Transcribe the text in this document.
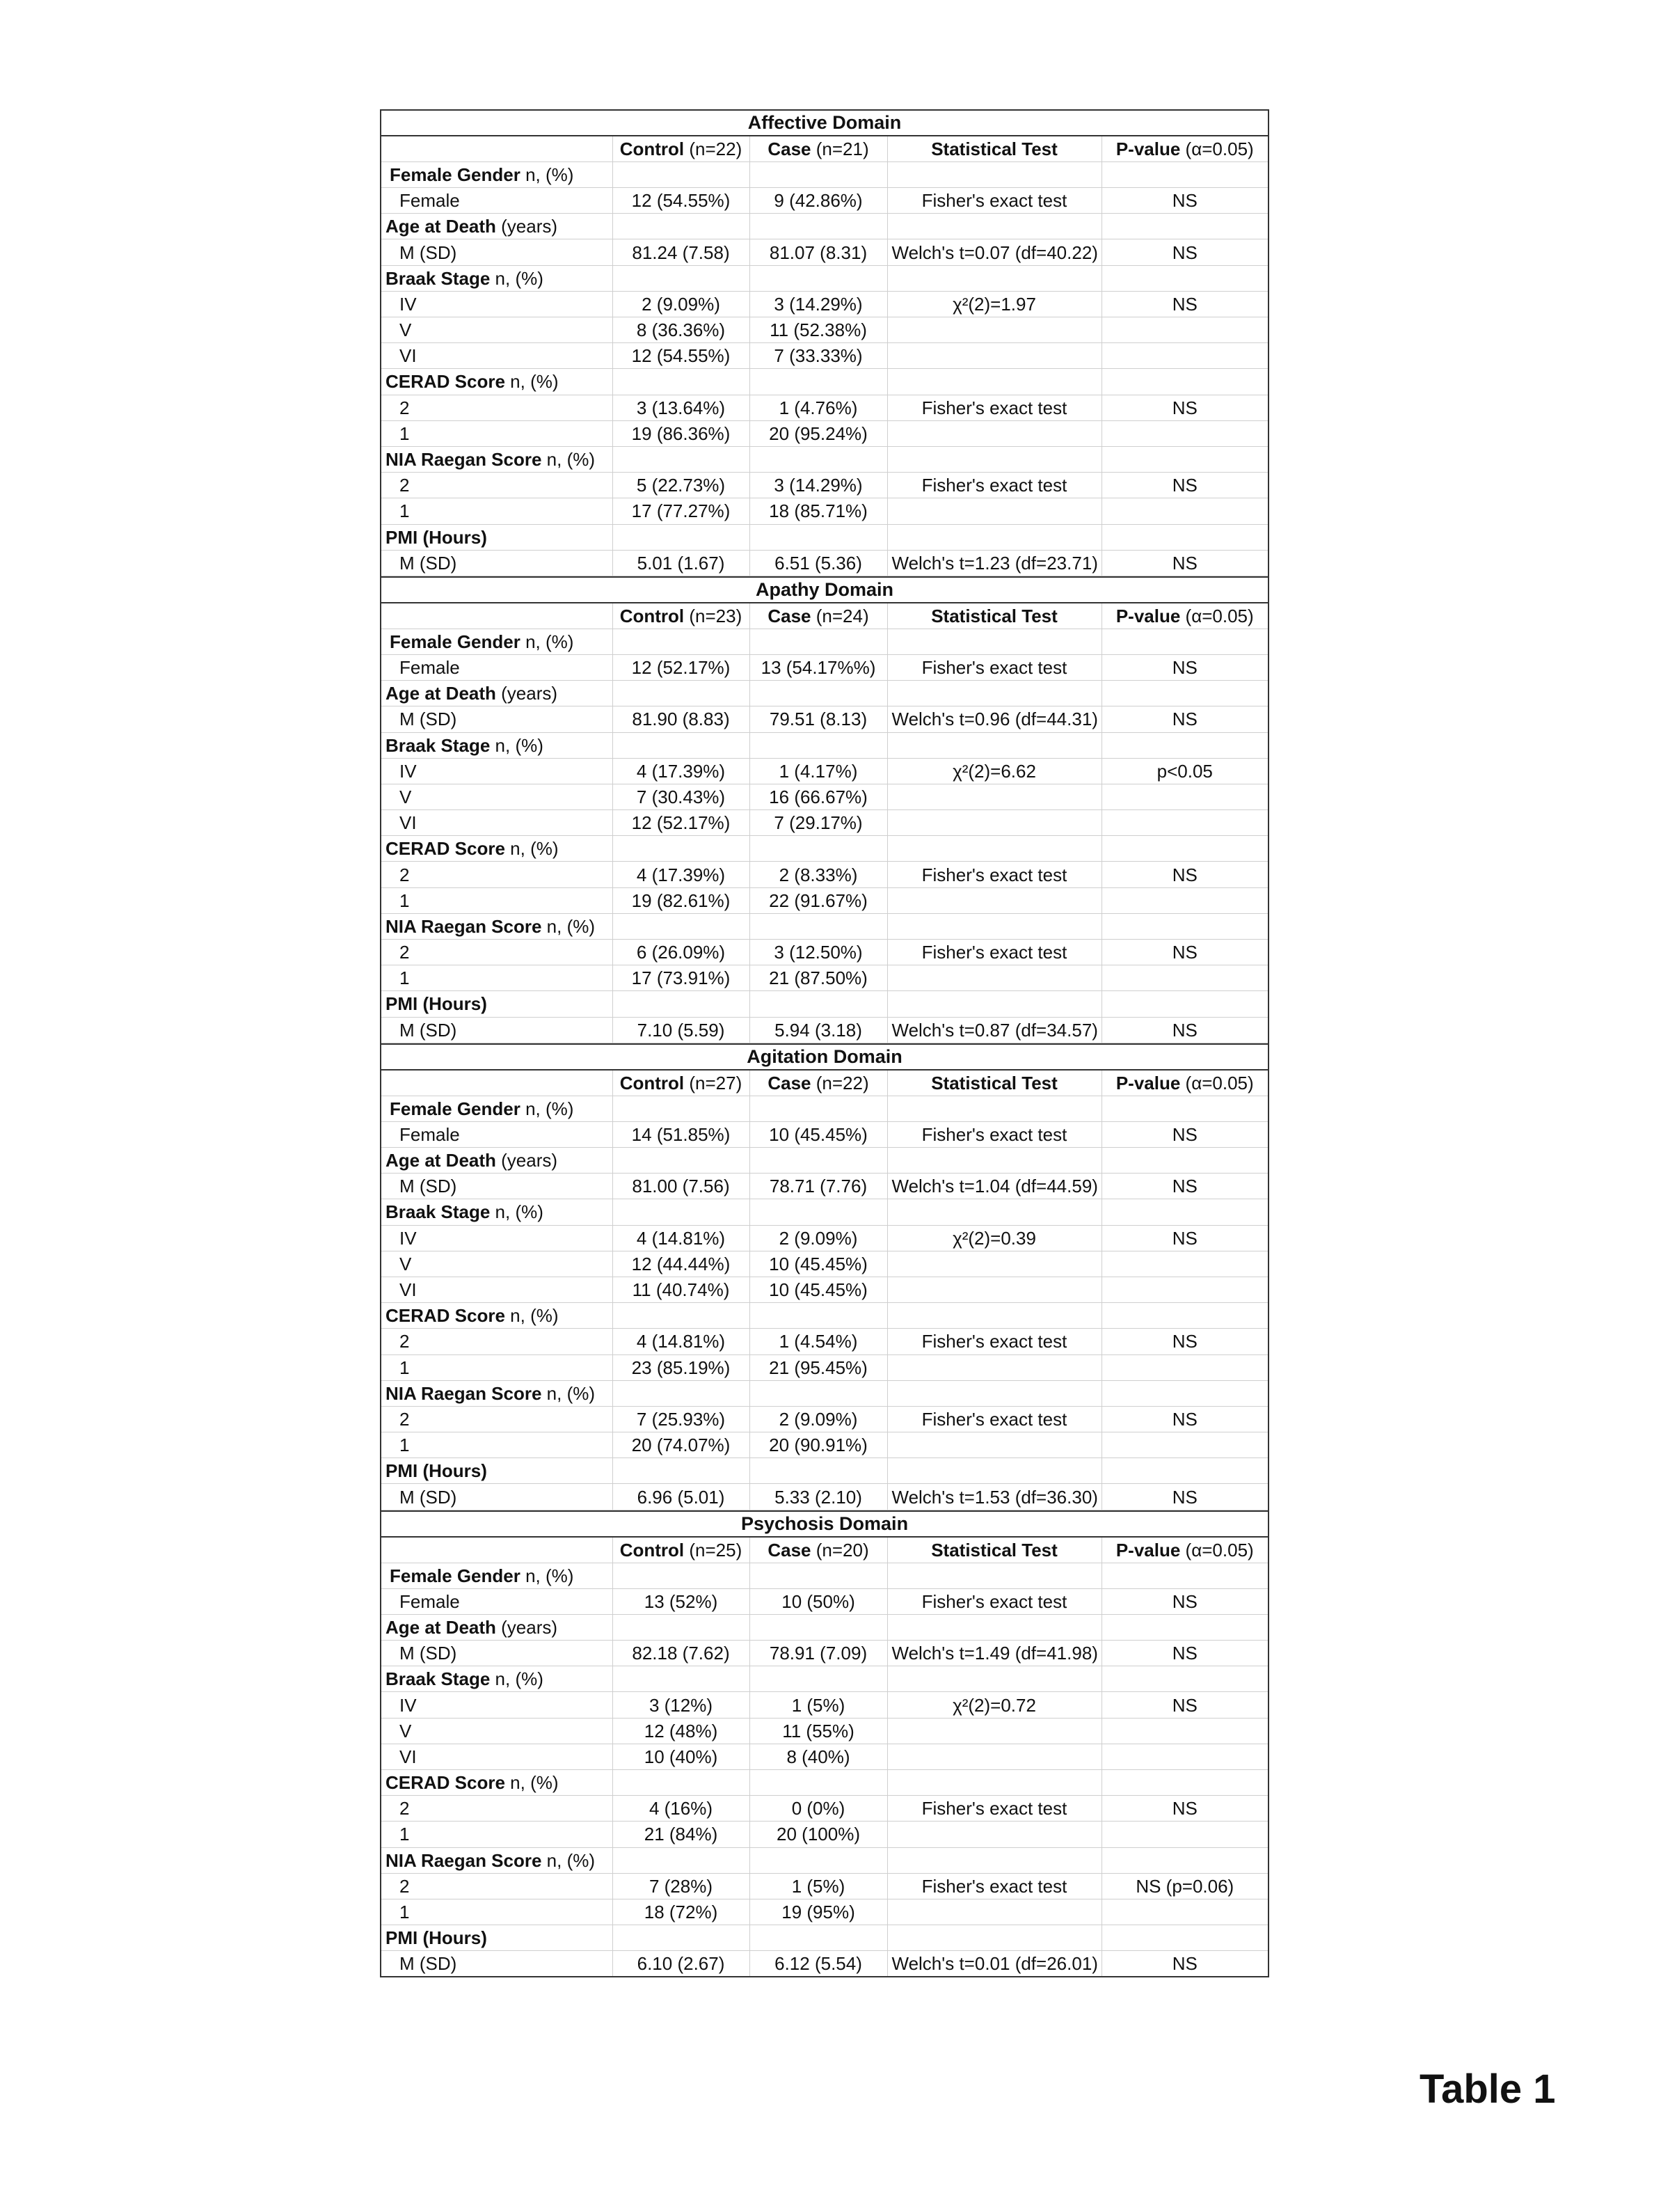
Affective Domain				
	Control (n=22)	Case (n=21)	Statistical Test	P-value (α=0.05)
Female Gender n, (%)				
Female	12 (54.55%)	9 (42.86%)	Fisher's exact test	NS
Age at Death (years)				
M (SD)	81.24 (7.58)	81.07 (8.31)	Welch's t=0.07 (df=40.22)	NS
Braak Stage n, (%)				
IV	2 (9.09%)	3 (14.29%)	χ²(2)=1.97	NS
V	8 (36.36%)	11 (52.38%)		
VI	12 (54.55%)	7 (33.33%)		
CERAD Score n, (%)				
2	3 (13.64%)	1 (4.76%)	Fisher's exact test	NS
1	19 (86.36%)	20 (95.24%)		
NIA Raegan Score n, (%)				
2	5 (22.73%)	3 (14.29%)	Fisher's exact test	NS
1	17 (77.27%)	18 (85.71%)		
PMI (Hours)				
M (SD)	5.01 (1.67)	6.51 (5.36)	Welch's t=1.23 (df=23.71)	NS
Apathy Domain				
	Control (n=23)	Case (n=24)	Statistical Test	P-value (α=0.05)
Female Gender n, (%)				
Female	12 (52.17%)	13 (54.17%%)	Fisher's exact test	NS
Age at Death (years)				
M (SD)	81.90 (8.83)	79.51 (8.13)	Welch's t=0.96 (df=44.31)	NS
Braak Stage n, (%)				
IV	4 (17.39%)	1 (4.17%)	χ²(2)=6.62	p<0.05
V	7 (30.43%)	16 (66.67%)		
VI	12 (52.17%)	7 (29.17%)		
CERAD Score n, (%)				
2	4 (17.39%)	2 (8.33%)	Fisher's exact test	NS
1	19 (82.61%)	22 (91.67%)		
NIA Raegan Score n, (%)				
2	6 (26.09%)	3 (12.50%)	Fisher's exact test	NS
1	17 (73.91%)	21 (87.50%)		
PMI (Hours)				
M (SD)	7.10 (5.59)	5.94 (3.18)	Welch's t=0.87 (df=34.57)	NS
Agitation Domain				
	Control (n=27)	Case (n=22)	Statistical Test	P-value (α=0.05)
Female Gender n, (%)				
Female	14 (51.85%)	10 (45.45%)	Fisher's exact test	NS
Age at Death (years)				
M (SD)	81.00 (7.56)	78.71 (7.76)	Welch's t=1.04 (df=44.59)	NS
Braak Stage n, (%)				
IV	4 (14.81%)	2 (9.09%)	χ²(2)=0.39	NS
V	12 (44.44%)	10 (45.45%)		
VI	11 (40.74%)	10 (45.45%)		
CERAD Score n, (%)				
2	4 (14.81%)	1 (4.54%)	Fisher's exact test	NS
1	23 (85.19%)	21 (95.45%)		
NIA Raegan Score n, (%)				
2	7 (25.93%)	2 (9.09%)	Fisher's exact test	NS
1	20 (74.07%)	20 (90.91%)		
PMI (Hours)				
M (SD)	6.96 (5.01)	5.33 (2.10)	Welch's t=1.53 (df=36.30)	NS
Psychosis Domain				
	Control (n=25)	Case (n=20)	Statistical Test	P-value (α=0.05)
Female Gender n, (%)				
Female	13 (52%)	10 (50%)	Fisher's exact test	NS
Age at Death (years)				
M (SD)	82.18 (7.62)	78.91 (7.09)	Welch's t=1.49 (df=41.98)	NS
Braak Stage n, (%)				
IV	3 (12%)	1 (5%)	χ²(2)=0.72	NS
V	12 (48%)	11 (55%)		
VI	10 (40%)	8 (40%)		
CERAD Score n, (%)				
2	4 (16%)	0 (0%)	Fisher's exact test	NS
1	21 (84%)	20 (100%)		
NIA Raegan Score n, (%)				
2	7 (28%)	1 (5%)	Fisher's exact test	NS (p=0.06)
1	18 (72%)	19 (95%)		
PMI (Hours)				
M (SD)	6.10 (2.67)	6.12 (5.54)	Welch's t=0.01 (df=26.01)	NS
Table 1
